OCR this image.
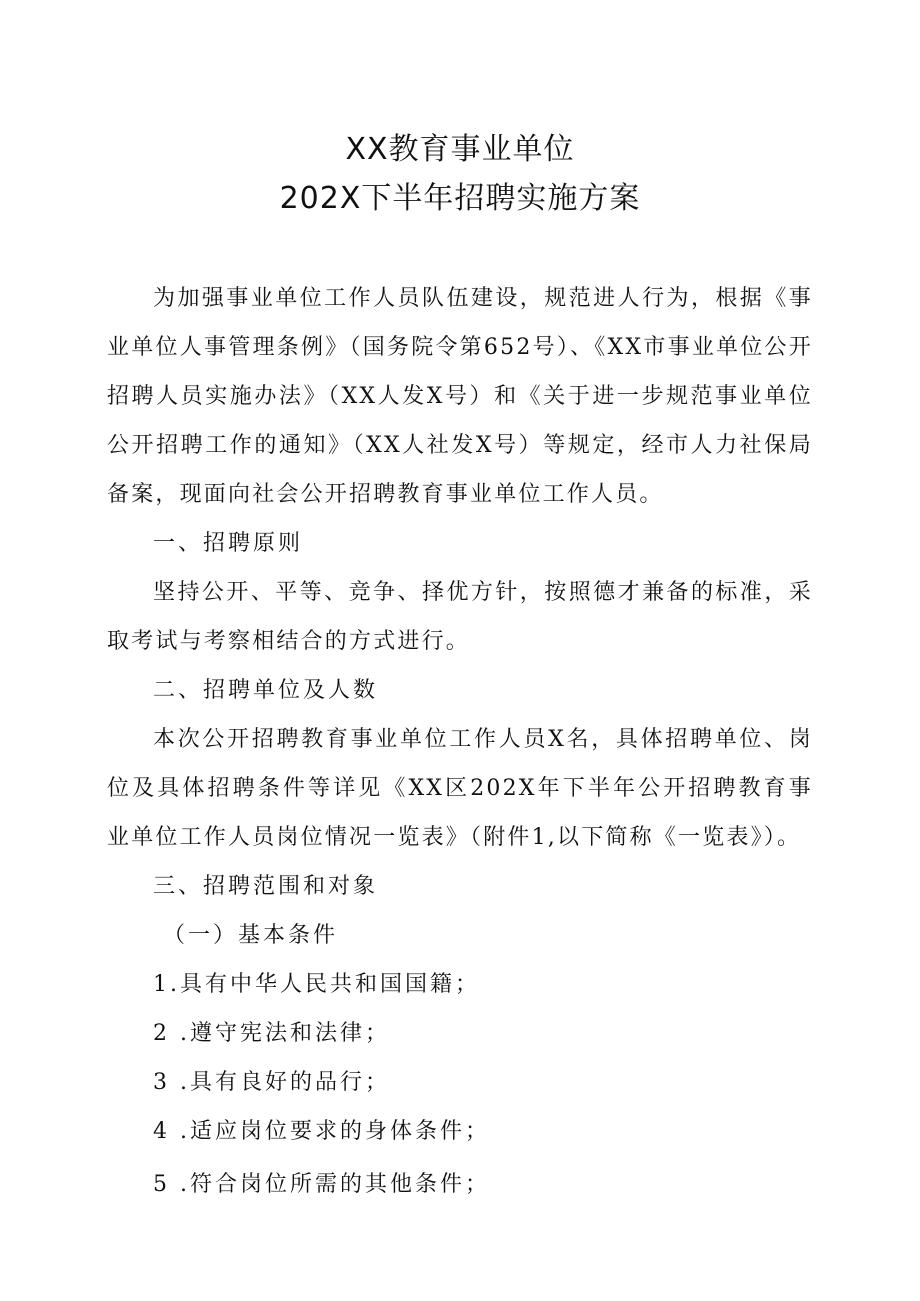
XX教育事业单位
202X下半年招聘实施方案

为加强事业单位工作人员队伍建设，规范进人行为，根据《事业单位人事管理条例》（国务院令第652号）、《XX市事业单位公开招聘人员实施办法》（XX人发X号）和《关于进一步规范事业单位公开招聘工作的通知》（XX人社发X号）等规定，经市人力社保局备案，现面向社会公开招聘教育事业单位工作人员。

一、招聘原则

坚持公开、平等、竞争、择优方针，按照德才兼备的标准，采取考试与考察相结合的方式进行。

二、招聘单位及人数

本次公开招聘教育事业单位工作人员X名，具体招聘单位、岗位及具体招聘条件等详见《XX区202X年下半年公开招聘教育事业单位工作人员岗位情况一览表》（附件1,以下简称《一览表》）。

三、招聘范围和对象

（一）基本条件

1.具有中华人民共和国国籍；

2 .遵守宪法和法律；

3 .具有良好的品行；

4 .适应岗位要求的身体条件；

5 .符合岗位所需的其他条件；
